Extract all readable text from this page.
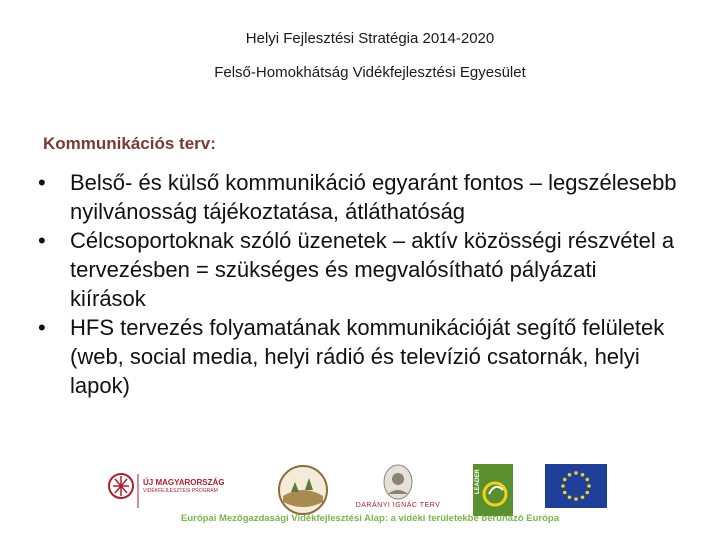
Helyi Fejlesztési Stratégia 2014-2020
Felső-Homokhátság Vidékfejlesztési Egyesület
Kommunikációs terv:
• Belső- és külső kommunikáció egyaránt fontos – legszélesebb nyilvánosság tájékoztatása, átláthatóság
• Célcsoportoknak szóló üzenetek – aktív közösségi részvétel a tervezésben = szükséges és megvalósítható pályázati kiírások
• HFS tervezés folyamatának kommunikációját segítő felületek (web, social media, helyi rádió és televízió csatornák, helyi lapok)
ÚJ MAGYARORSZÁG
VIDÉKFEJLESZTÉSI PROGRAM
DARÁNYI IGNÁC TERV
LEADER
Európai Mezőgazdasági Vidékfejlesztési Alap: a vidéki területekbe beruházó Európa
